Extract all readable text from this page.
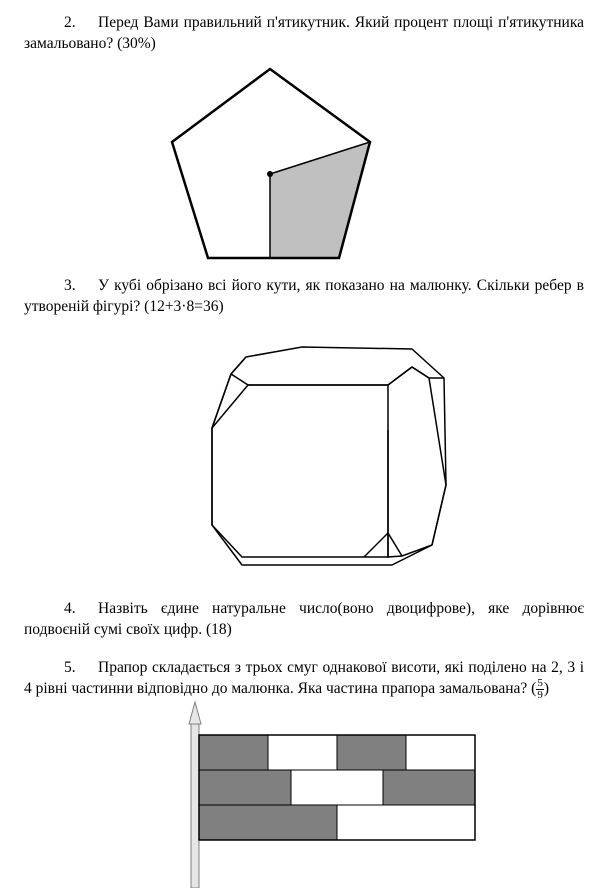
2. Перед Вами правильний п'ятикутник. Який процент площі п'ятикутника замальовано? (30%)
3. У кубі обрізано всі його кути, як показано на малюнку. Скільки ребер в утвореній фігурі? (12+3·8=36)
4. Назвіть єдине натуральне число(воно двоцифрове), яке дорівнює подвоєній сумі своїх цифр. (18)
5. Прапор складається з трьох смуг однакової висоти, які поділено на 2, 3 і 4 рівні частинни відповідно до малюнка. Яка частина прапора замальована? ( $\frac{5}{9}$ )
